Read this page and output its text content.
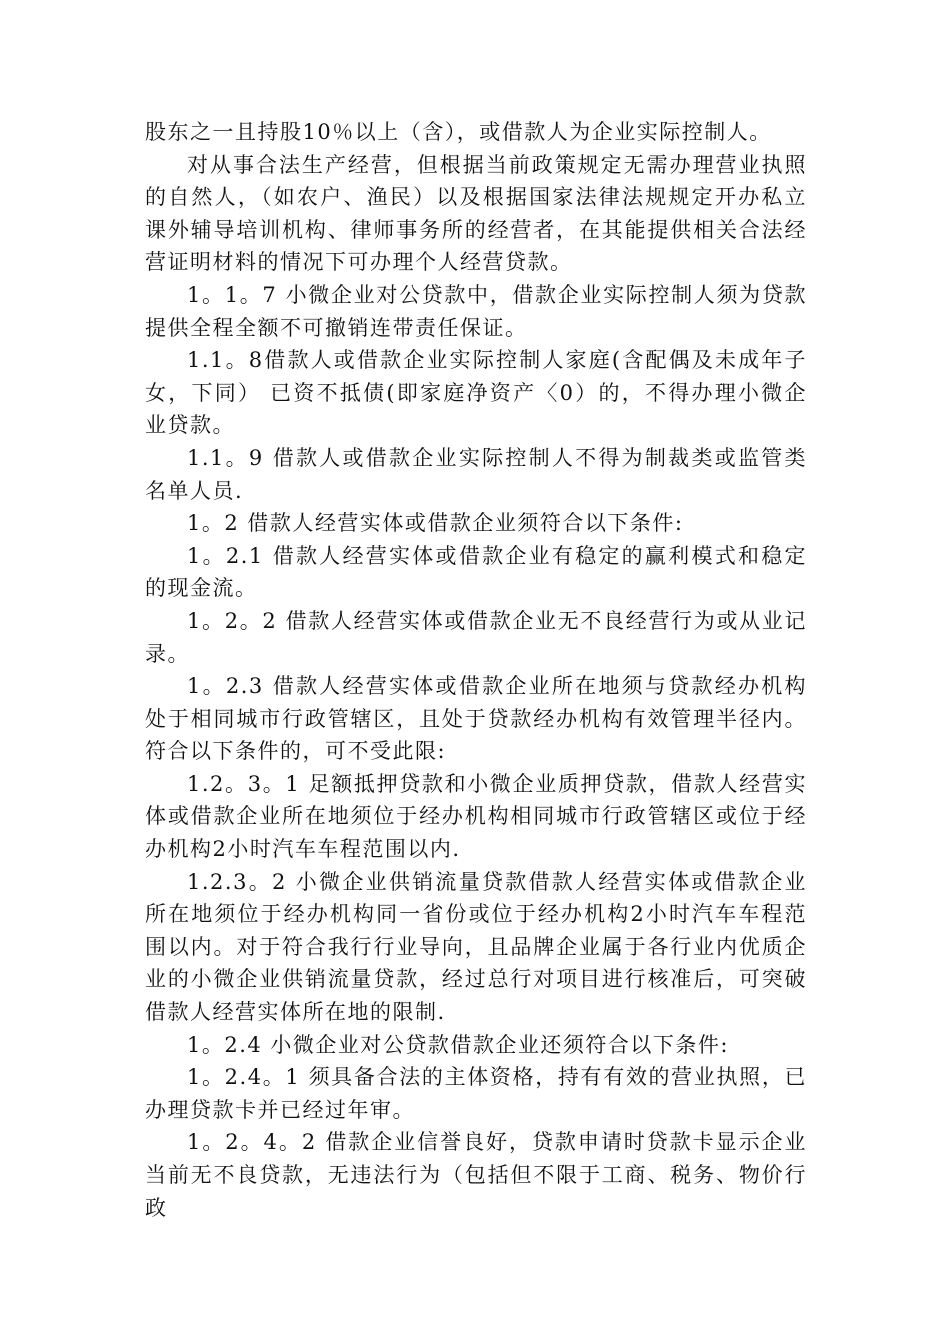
股东之一且持股10％以上（含），或借款人为企业实际控制人。

对从事合法生产经营，但根据当前政策规定无需办理营业执照的自然人，（如农户、渔民）以及根据国家法律法规规定开办私立课外辅导培训机构、律师事务所的经营者，在其能提供相关合法经营证明材料的情况下可办理个人经营贷款。

1。1。7 小微企业对公贷款中，借款企业实际控制人须为贷款提供全程全额不可撤销连带责任保证。

1.1。8借款人或借款企业实际控制人家庭(含配偶及未成年子女，下同） 已资不抵债(即家庭净资产〈0）的，不得办理小微企业贷款。

1.1。9 借款人或借款企业实际控制人不得为制裁类或监管类名单人员.

1。2 借款人经营实体或借款企业须符合以下条件:

1。2.1 借款人经营实体或借款企业有稳定的赢利模式和稳定的现金流。

1。2。2 借款人经营实体或借款企业无不良经营行为或从业记录。

1。2.3 借款人经营实体或借款企业所在地须与贷款经办机构处于相同城市行政管辖区，且处于贷款经办机构有效管理半径内。符合以下条件的，可不受此限:

1.2。3。1 足额抵押贷款和小微企业质押贷款，借款人经营实体或借款企业所在地须位于经办机构相同城市行政管辖区或位于经办机构2小时汽车车程范围以内.

1.2.3。2 小微企业供销流量贷款借款人经营实体或借款企业所在地须位于经办机构同一省份或位于经办机构2小时汽车车程范围以内。对于符合我行行业导向，且品牌企业属于各行业内优质企业的小微企业供销流量贷款，经过总行对项目进行核准后，可突破借款人经营实体所在地的限制.

1。2.4 小微企业对公贷款借款企业还须符合以下条件:

1。2.4。1 须具备合法的主体资格，持有有效的营业执照，已办理贷款卡并已经过年审。

1。2。4。2 借款企业信誉良好，贷款申请时贷款卡显示企业当前无不良贷款，无违法行为（包括但不限于工商、税务、物价行政
